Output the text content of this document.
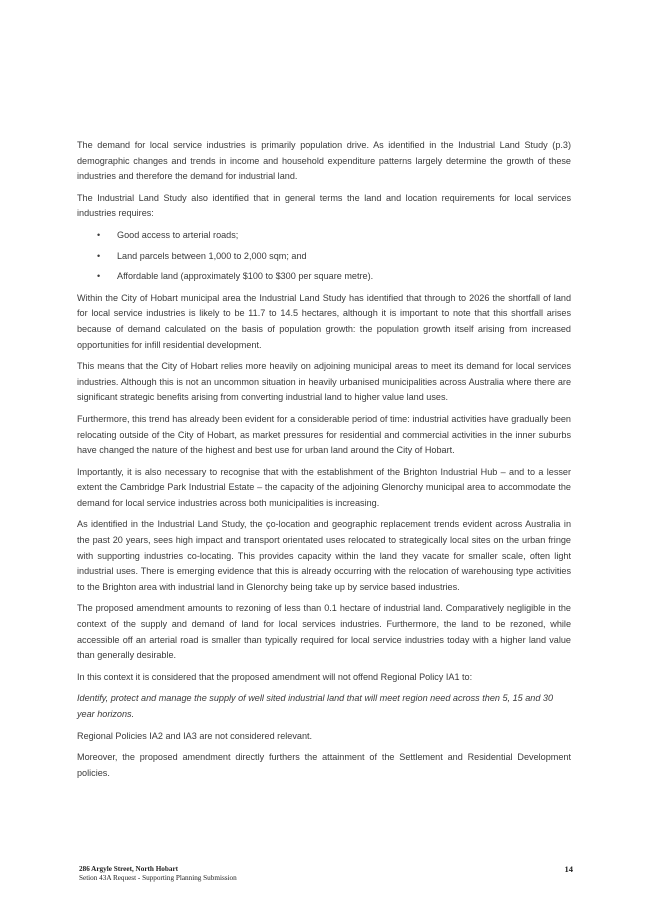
The demand for local service industries is primarily population drive. As identified in the Industrial Land Study (p.3) demographic changes and trends in income and household expenditure patterns largely determine the growth of these industries and therefore the demand for industrial land.

The Industrial Land Study also identified that in general terms the land and location requirements for local services industries requires:

• Good access to arterial roads;
• Land parcels between 1,000 to 2,000 sqm; and
• Affordable land (approximately $100 to $300 per square metre).

Within the City of Hobart municipal area the Industrial Land Study has identified that through to 2026 the shortfall of land for local service industries is likely to be 11.7 to 14.5 hectares, although it is important to note that this shortfall arises because of demand calculated on the basis of population growth: the population growth itself arising from increased opportunities for infill residential development.

This means that the City of Hobart relies more heavily on adjoining municipal areas to meet its demand for local services industries. Although this is not an uncommon situation in heavily urbanised municipalities across Australia where there are significant strategic benefits arising from converting industrial land to higher value land uses.

Furthermore, this trend has already been evident for a considerable period of time: industrial activities have gradually been relocating outside of the City of Hobart, as market pressures for residential and commercial activities in the inner suburbs have changed the nature of the highest and best use for urban land around the City of Hobart.

Importantly, it is also necessary to recognise that with the establishment of the Brighton Industrial Hub – and to a lesser extent the Cambridge Park Industrial Estate – the capacity of the adjoining Glenorchy municipal area to accommodate the demand for local service industries across both municipalities is increasing.

As identified in the Industrial Land Study, the ço-location and geographic replacement trends evident across Australia in the past 20 years, sees high impact and transport orientated uses relocated to strategically local sites on the urban fringe with supporting industries co-locating. This provides capacity within the land they vacate for smaller scale, often light industrial uses. There is emerging evidence that this is already occurring with the relocation of warehousing type activities to the Brighton area with industrial land in Glenorchy being take up by service based industries.

The proposed amendment amounts to rezoning of less than 0.1 hectare of industrial land. Comparatively negligible in the context of the supply and demand of land for local services industries. Furthermore, the land to be rezoned, while accessible off an arterial road is smaller than typically required for local service industries today with a higher land value than generally desirable.

In this context it is considered that the proposed amendment will not offend Regional Policy IA1 to:

Identify, protect and manage the supply of well sited industrial land that will meet region need across then 5, 15 and 30 year horizons.

Regional Policies IA2 and IA3 are not considered relevant.

Moreover, the proposed amendment directly furthers the attainment of the Settlement and Residential Development policies.

286 Argyle Street, North Hobart
Setion 43A Request - Supporting Planning Submission
14
